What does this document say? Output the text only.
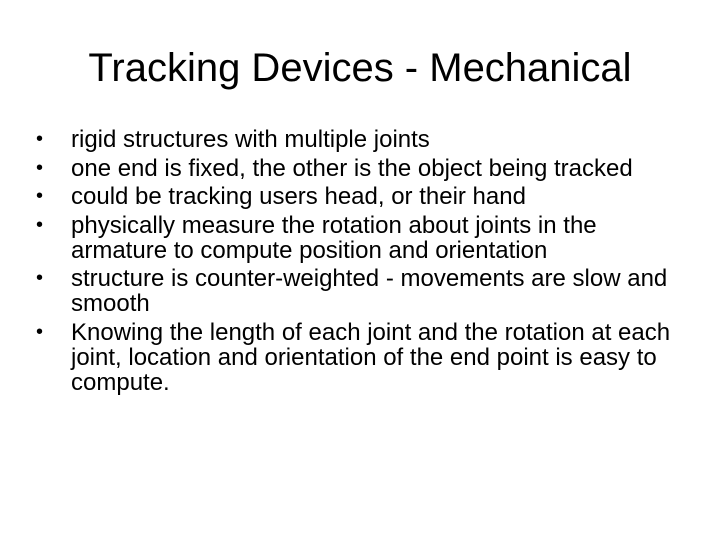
Tracking Devices - Mechanical
•	rigid structures with multiple joints
•	one end is fixed, the other is the object being tracked
•	could be tracking users head, or their hand
•	physically measure the rotation about joints in the armature to compute position and orientation
•	structure is counter-weighted - movements are slow and smooth
•	Knowing the length of each joint and the rotation at each joint, location and orientation of the end point is easy to compute.
